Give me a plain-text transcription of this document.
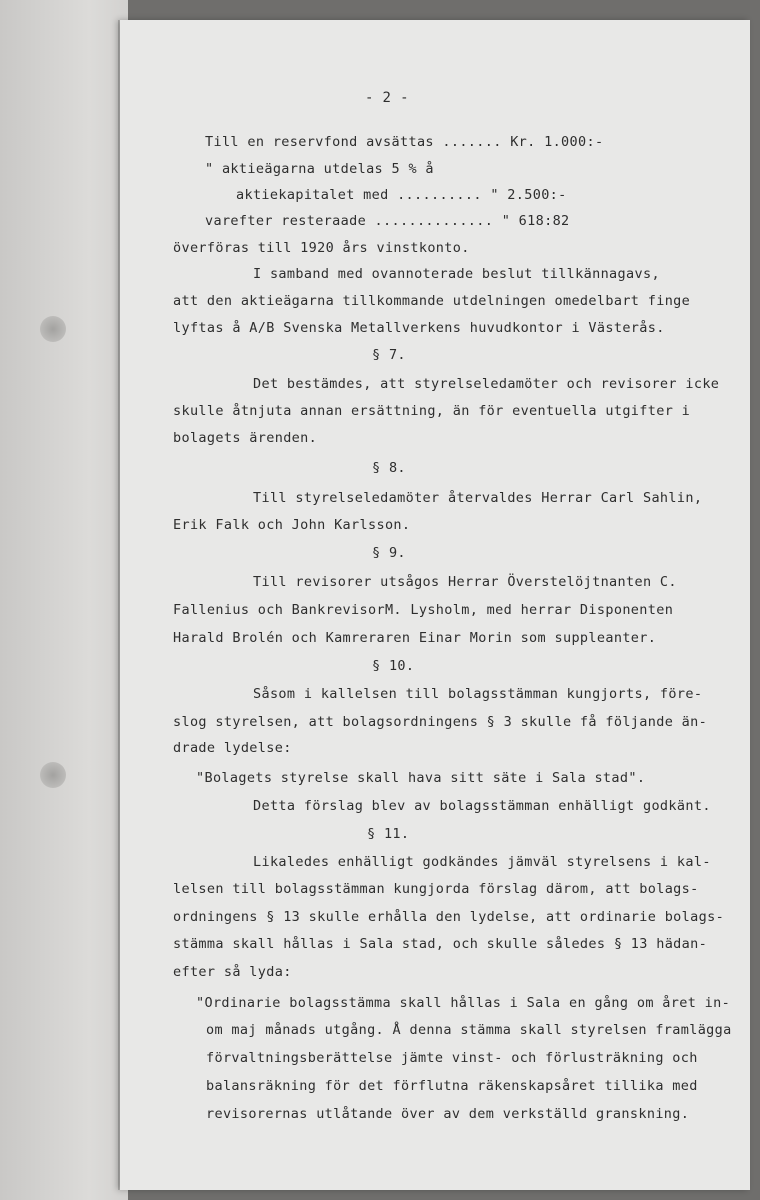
- 2 -
Till en reservfond avsättas ....... Kr. 1.000:-
" aktieägarna utdelas 5 % å
aktiekapitalet med .......... " 2.500:-
varefter resteraade .............. " 618:82
överföras till 1920 års vinstkonto.
I samband med ovannoterade beslut tillkännagavs,
att den aktieägarna tillkommande utdelningen omedelbart finge
lyftas å A/B Svenska Metallverkens huvudkontor i Västerås.
§ 7.
Det bestämdes, att styrelseledamöter och revisorer icke
skulle åtnjuta annan ersättning, än för eventuella utgifter i
bolagets ärenden.
§ 8.
Till styrelseledamöter återvaldes Herrar Carl Sahlin,
Erik Falk och John Karlsson.
§ 9.
Till revisorer utsågos Herrar Överstelöjtnanten C.
Fallenius och BankrevisorM. Lysholm, med herrar Disponenten
Harald Brolén och Kamreraren Einar Morin som suppleanter.
§ 10.
Såsom i kallelsen till bolagsstämman kungjorts, före-
slog styrelsen, att bolagsordningens § 3 skulle få följande än-
drade lydelse:
"Bolagets styrelse skall hava sitt säte i Sala stad".
Detta förslag blev av bolagsstämman enhälligt godkänt.
§ 11.
Likaledes enhälligt godkändes jämväl styrelsens i kal-
lelsen till bolagsstämman kungjorda förslag därom, att bolags-
ordningens § 13 skulle erhålla den lydelse, att ordinarie bolags-
stämma skall hållas i Sala stad, och skulle således § 13 hädan-
efter så lyda:
"Ordinarie bolagsstämma skall hållas i Sala en gång om året in-
om maj månads utgång. Å denna stämma skall styrelsen framlägga
förvaltningsberättelse jämte vinst- och förlusträkning och
balansräkning för det förflutna räkenskapsåret tillika med
revisorernas utlåtande över av dem verkställd granskning.
